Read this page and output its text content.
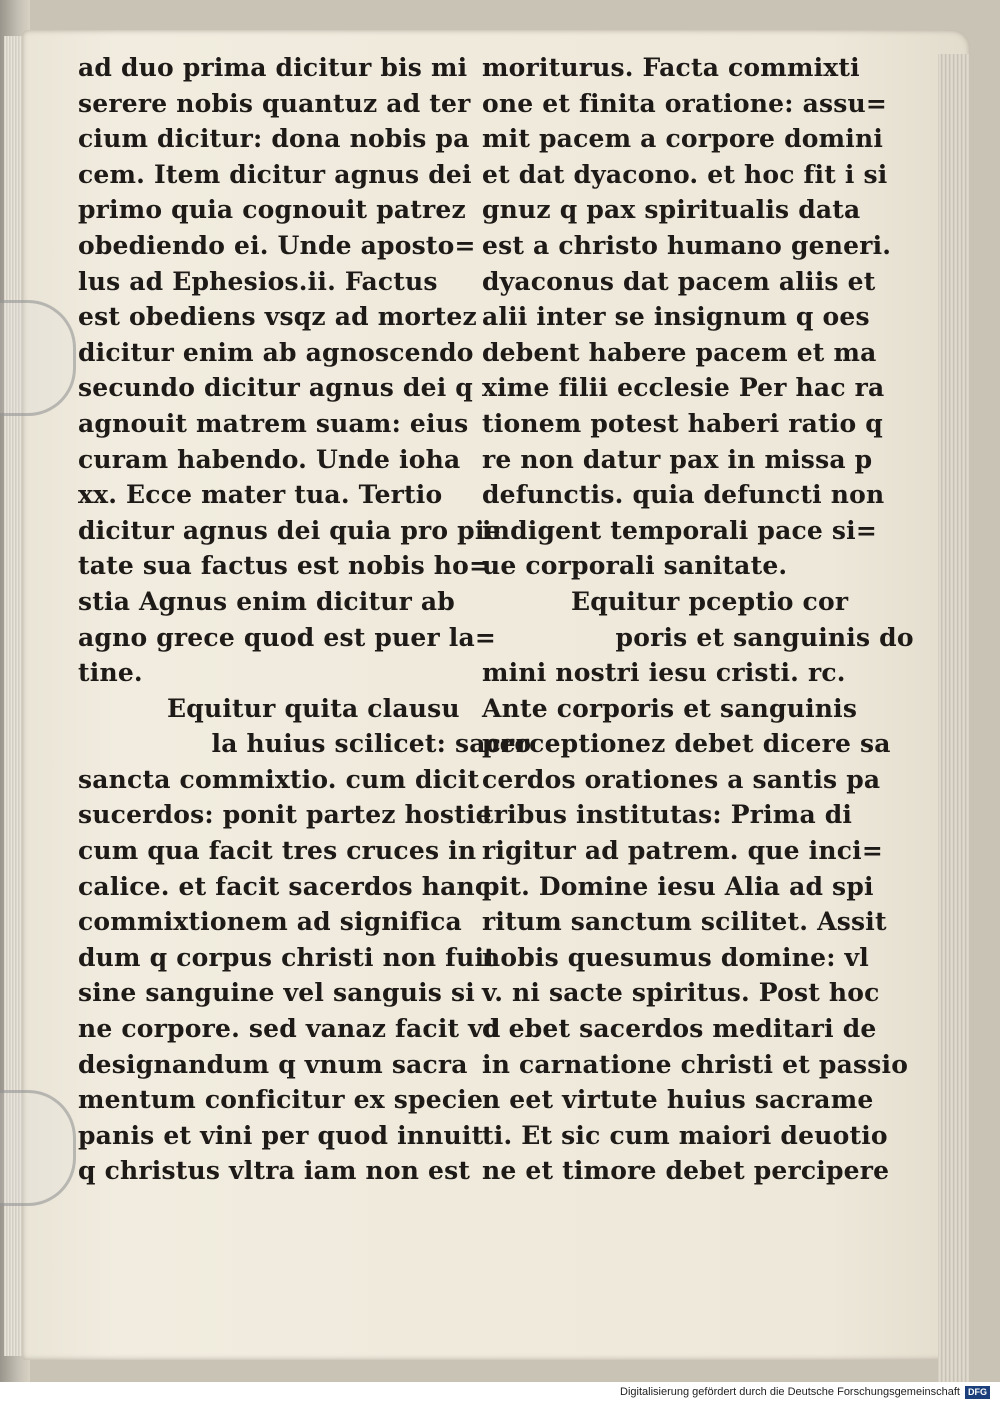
ad duo prima dicitur bis mi
serere nobis quantuz ad ter
cium dicitur: dona nobis pa
cem. Item dicitur agnus dei
primo quia cognouit patrez
obediendo ei. Unde aposto=
lus ad Ephesios.ii. Factus
est obediens vsqz ad mortez
dicitur enim ab agnoscendo
secundo dicitur agnus dei q
agnouit matrem suam: eius
curam habendo. Unde ioha
xx. Ecce mater tua. Tertio
dicitur agnus dei quia pro pie
tate sua factus est nobis ho=
stia Agnus enim dicitur ab
agno grece quod est puer la=
tine.
Equitur quita clausu
la huius scilicet: sacro
sancta commixtio. cum dicit
sucerdos: ponit partez hostie
cum qua facit tres cruces in
calice. et facit sacerdos hanc
commixtionem ad significa
dum q corpus christi non fuit
sine sanguine vel sanguis si
ne corpore. sed vanaz facit vd
designandum q vnum sacra
mentum conficitur ex specie
panis et vini per quod innuit
q christus vltra iam non est
moriturus. Facta commixti
one et finita oratione: assu=
mit pacem a corpore domini
et dat dyacono. et hoc fit i si
gnuz q pax spiritualis data
est a christo humano generi.
dyaconus dat pacem aliis et
alii inter se insignum q oes
debent habere pacem et ma
xime filii ecclesie Per hac ra
tionem potest haberi ratio q
re non datur pax in missa p
defunctis. quia defuncti non
indigent temporali pace si=
ue corporali sanitate.
Equitur pceptio cor
poris et sanguinis do
mini nostri iesu cristi. rc.
Ante corporis et sanguinis
perceptionez debet dicere sa
cerdos orationes a santis pa
tribus institutas: Prima di
rigitur ad patrem. que inci=
pit. Domine iesu Alia ad spi
ritum sanctum scilitet. Assit
nobis quesumus domine: vl
v. ni sacte spiritus. Post hoc
d ebet sacerdos meditari de
in carnatione christi et passio
n eet virtute huius sacrame
ti. Et sic cum maiori deuotio
ne et timore debet percipere
Digitalisierung gefördert durch die Deutsche Forschungsgemeinschaft DFG
